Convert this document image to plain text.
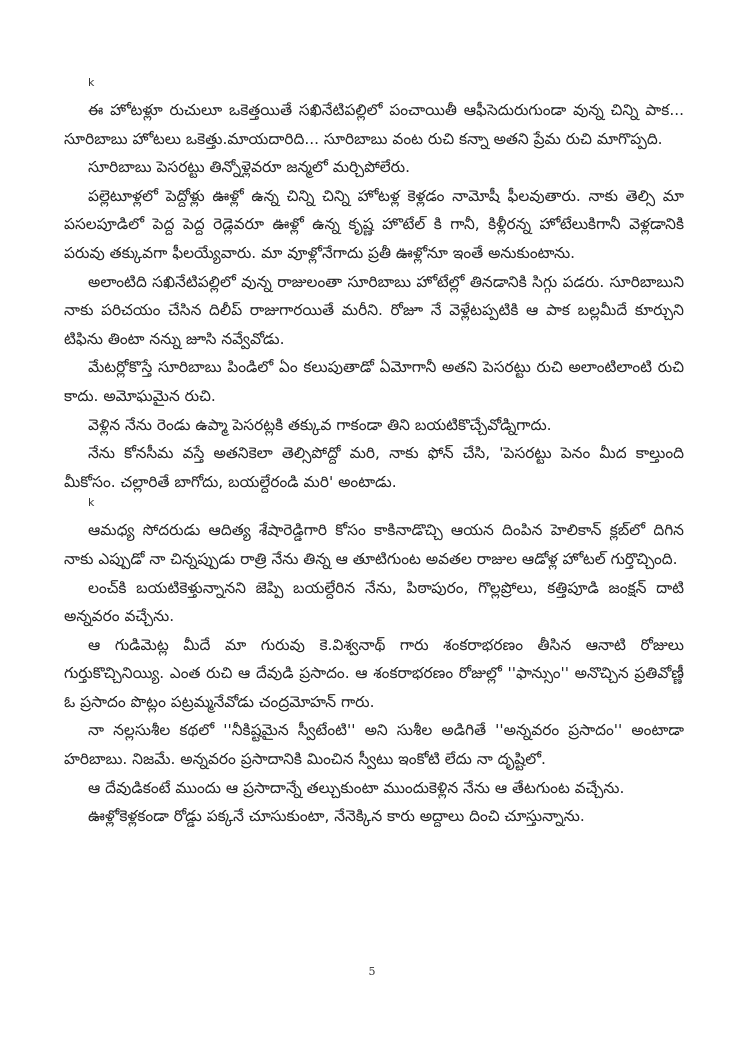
k

ఈ హోటళ్లూ రుచులూ ఒకెత్తయితే సఖినేటిపల్లిలో పంచాయితీ ఆఫీసెదురుగుండా వున్న చిన్ని పాక... సూరిబాబు హోటలు ఒకెత్తు.మాయదారిది... సూరిబాబు వంట రుచి కన్నా అతని ప్రేమ రుచి మాగొప్పది.

సూరిబాబు పెసరట్టు తిన్నోళ్లెవరూ జన్మలో మర్చిపోలేరు.

పల్లెటూళ్లలో పెద్దోళ్లు ఊళ్లో ఉన్న చిన్ని చిన్ని హోటళ్ల కెళ్లడం నామోషీ ఫీలవుతారు. నాకు తెల్సి మా పసలపూడిలో పెద్ద పెద్ద రెడ్లెవరూ ఊళ్లో ఉన్న కృష్ణ హొటేల్ కి గానీ, కిళ్లీరన్న హోటేలుకిగానీ వెళ్లడానికి పరువు తక్కువగా ఫీలయ్యేవారు. మా వూళ్లోనేగాదు ప్రతీ ఊళ్లోనూ ఇంతే అనుకుంటాను.

అలాంటిది సఖినేటిపల్లిలో వున్న రాజులంతా సూరిబాబు హోటేల్లో తినడానికి సిగ్గు పడరు. సూరిబాబుని నాకు పరిచయం చేసిన దిలీప్ రాజుగారయితే మరీని. రోజూ నే వెళ్లేటప్పటికి ఆ పాక బల్లమీదే కూర్చుని టిఫిను తింటా నన్ను జూసి నవ్వేవోడు.

మేటర్లోకొస్తే సూరిబాబు పిండిలో ఏం కలుపుతాడో ఏమోగానీ అతని పెసరట్టు రుచి అలాంటిలాంటి రుచి కాదు. అమోఘమైన రుచి.

వెళ్లిన నేను రెండు ఉప్మా పెసరట్లకి తక్కువ గాకండా తిని బయటికొచ్చేవోడ్నిగాదు.

నేను కోనసీమ వస్తే అతనికెలా తెల్సిపోద్దో మరి, నాకు ఫోన్ చేసి, 'పెసరట్టు పెనం మీద కాల్తుంది మీకోసం. చల్లారితే బాగోదు, బయల్దేరండి మరి' అంటాడు.

k

ఆమధ్య సోదరుడు ఆదిత్య శేషారెడ్డిగారి కోసం కాకినాడొచ్చి ఆయన దింపిన హెలికాన్ క్లబ్‌లో దిగిన నాకు ఎప్పుడో నా చిన్నప్పుడు రాత్రి నేను తిన్న ఆ తూటిగుంట అవతల రాజుల ఆడోళ్ల హోటల్ గుర్తొచ్చింది.

లంచ్‌కి బయటికెళ్తున్నానని జెప్పి బయల్దేరిన నేను, పిఠాపురం, గొల్లప్రోలు, కత్తిపూడి జంక్షన్ దాటి అన్నవరం వచ్చేను.

ఆ గుడిమెట్ల మీదే మా గురువు కె.విశ్వనాథ్ గారు శంకరాభరణం తీసిన ఆనాటి రోజులు గుర్తుకొచ్చినియ్యి. ఎంత రుచి ఆ దేవుడి ప్రసాదం. ఆ శంకరాభరణం రోజుల్లో ''ఫాన్సుం'' అనొచ్చిన ప్రతివోణ్ణీ ఓ ప్రసాదం పొట్లం పట్రమ్మనేవోడు చంద్రమోహన్ గారు.

నా నల్లసుశీల కథలో ''నీకిష్టమైన స్వీటేంటి'' అని సుశీల అడిగితే ''అన్నవరం ప్రసాదం'' అంటాడా హరిబాబు. నిజమే. అన్నవరం ప్రసాదానికి మించిన స్వీటు ఇంకోటి లేదు నా దృష్టిలో.

ఆ దేవుడికంటే ముందు ఆ ప్రసాదాన్నే తల్చుకుంటా ముందుకెళ్లిన నేను ఆ తేటగుంట వచ్చేను.

ఊళ్లోకెళ్లకండా రోడ్డు పక్కనే చూసుకుంటా, నేనెక్కిన కారు అద్దాలు దించి చూస్తున్నాను.

5
